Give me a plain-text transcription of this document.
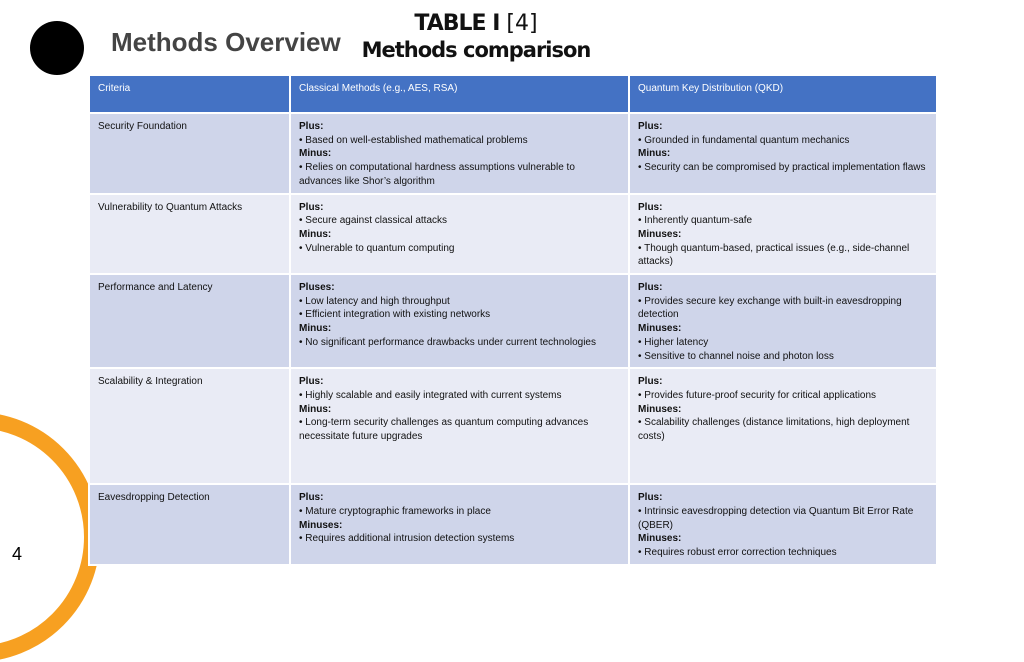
Methods Overview
TABLE I [4]
Methods comparison
Criteria	Classical Methods (e.g., AES, RSA)	Quantum Key Distribution (QKD)
Security Foundation	Plus:
• Based on well-established mathematical problems
Minus:
• Relies on computational hardness assumptions vulnerable to advances like Shor’s algorithm	Plus:
• Grounded in fundamental quantum mechanics
Minus:
• Security can be compromised by practical implementation flaws

Vulnerability to Quantum Attacks	Plus:
• Secure against classical attacks
Minus:
• Vulnerable to quantum computing	Plus:
• Inherently quantum-safe
Minuses:
• Though quantum-based, practical issues (e.g., side-channel attacks)

Performance and Latency	Pluses:
• Low latency and high throughput
• Efficient integration with existing networks
Minus:
• No significant performance drawbacks under current technologies	Plus:
• Provides secure key exchange with built-in eavesdropping detection
Minuses:
• Higher latency
• Sensitive to channel noise and photon loss

Scalability & Integration	Plus:
• Highly scalable and easily integrated with current systems
Minus:
• Long-term security challenges as quantum computing advances necessitate future upgrades	Plus:
• Provides future-proof security for critical applications
Minuses:
• Scalability challenges (distance limitations, high deployment costs)

Eavesdropping Detection	Plus:
• Mature cryptographic frameworks in place
Minuses:
• Requires additional intrusion detection systems	Plus:
• Intrinsic eavesdropping detection via Quantum Bit Error Rate (QBER)
Minuses:
• Requires robust error correction techniques
4
